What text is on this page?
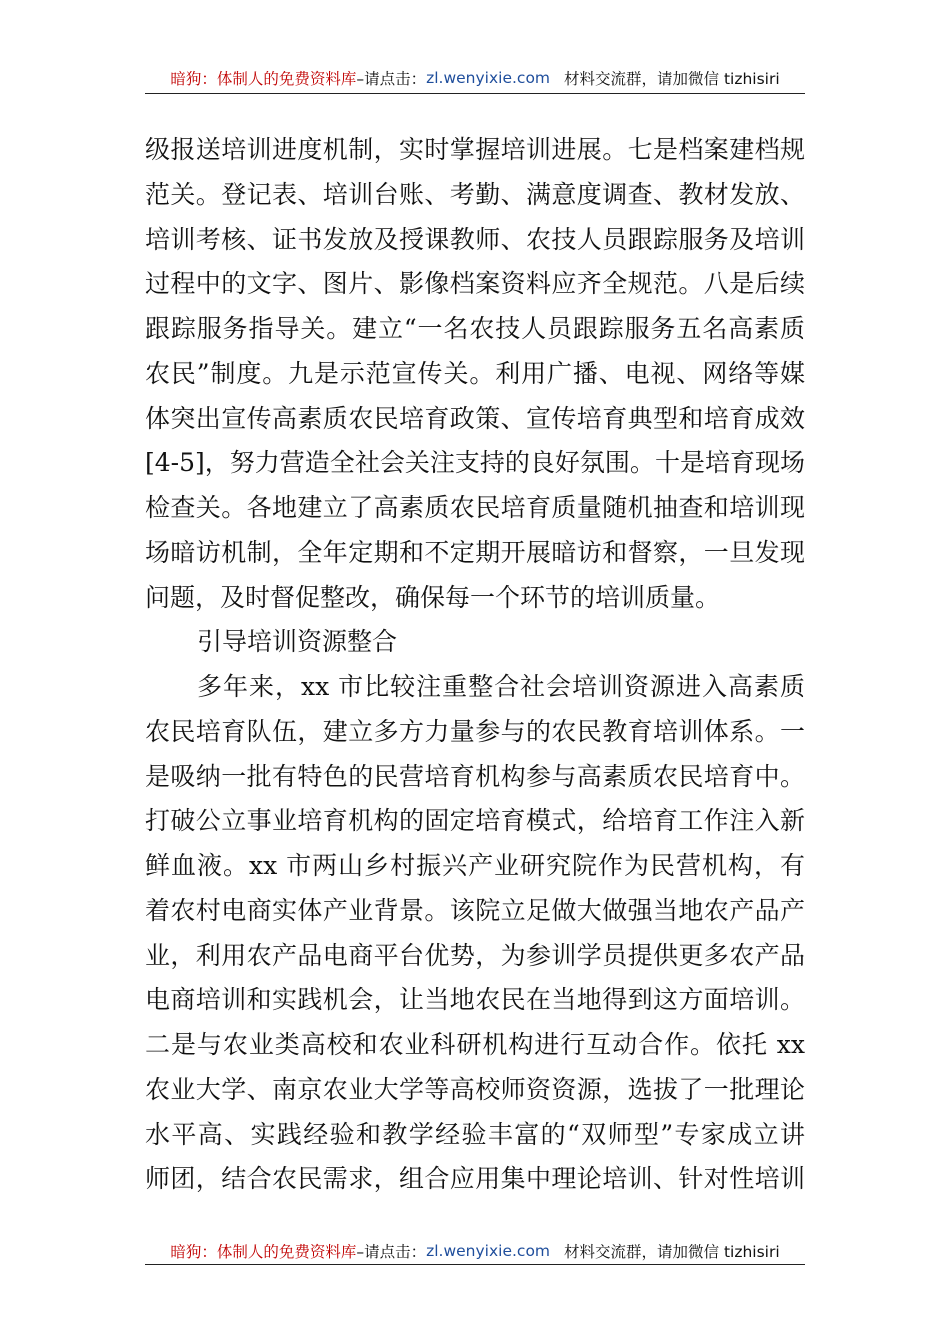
暗狗：体制人的免费资料库 –请点击： zl.wenyixie.com 材料交流群，请加微信 tizhisiri
级报送培训进度机制，实时掌握培训进展。七是档案建档规
范关。登记表、培训台账、考勤、满意度调查、教材发放、
培训考核、证书发放及授课教师、农技人员跟踪服务及培训
过程中的文字、图片、影像档案资料应齐全规范。八是后续
跟踪服务指导关。建立“一名农技人员跟踪服务五名高素质
农民”制度。九是示范宣传关。利用广播、电视、网络等媒
体突出宣传高素质农民培育政策、宣传培育典型和培育成效
[4-5]，努力营造全社会关注支持的良好氛围。十是培育现场
检查关。各地建立了高素质农民培育质量随机抽查和培训现
场暗访机制，全年定期和不定期开展暗访和督察，一旦发现
问题，及时督促整改，确保每一个环节的培训质量。
引导培训资源整合
多年来，xx 市比较注重整合社会培训资源进入高素质
农民培育队伍，建立多方力量参与的农民教育培训体系。一
是吸纳一批有特色的民营培育机构参与高素质农民培育中。
打破公立事业培育机构的固定培育模式，给培育工作注入新
鲜血液。xx 市两山乡村振兴产业研究院作为民营机构，有
着农村电商实体产业背景。该院立足做大做强当地农产品产
业，利用农产品电商平台优势，为参训学员提供更多农产品
电商培训和实践机会，让当地农民在当地得到这方面培训。
二是与农业类高校和农业科研机构进行互动合作。依托 xx
农业大学、南京农业大学等高校师资资源，选拔了一批理论
水平高、实践经验和教学经验丰富的“双师型”专家成立讲
师团，结合农民需求，组合应用集中理论培训、针对性培训
暗狗：体制人的免费资料库 –请点击： zl.wenyixie.com 材料交流群，请加微信 tizhisiri
